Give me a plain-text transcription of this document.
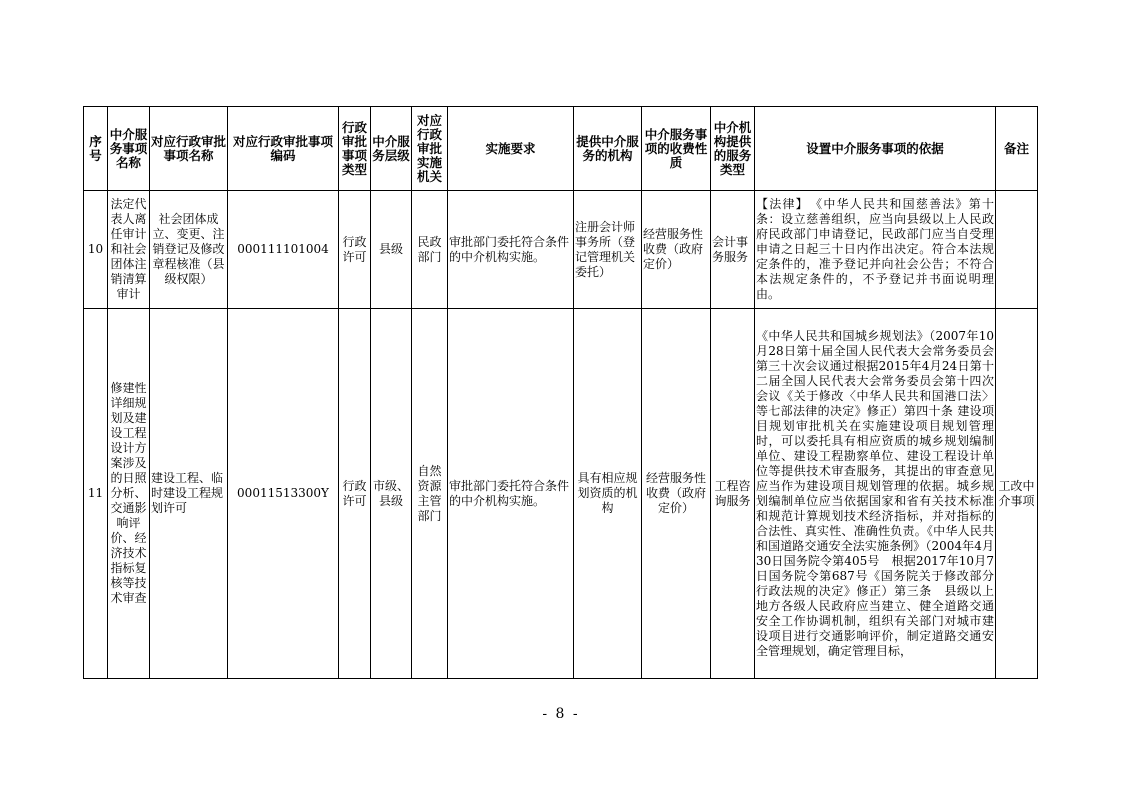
序号	中介服务事项名称	对应行政审批事项名称	对应行政审批事项编码	行政审批事项类型	中介服务层级	对应行政审批实施机关	实施要求	提供中介服务的机构	中介服务事项的收费性质	中介机构提供的服务类型	设置中介服务事项的依据	备注
10	法定代表人离任审计和社会团体注销清算审计	社会团体成立、变更、注销登记及修改章程核准（县级权限）	000111101004	行政许可	县级	民政部门	审批部门委托符合条件的中介机构实施。	注册会计师事务所（登记管理机关委托）	经营服务性收费（政府定价）	会计事务服务	【法律】　《中华人民共和国慈善法》第十条：设立慈善组织，应当向县级以上人民政府民政部门申请登记，民政部门应当自受理申请之日起三十日内作出决定。符合本法规定条件的，准予登记并向社会公告；不符合本法规定条件的，不予登记并书面说明理由。	
11	修建性详细规划及建设工程设计方案涉及的日照分析、交通影响评价、经济技术指标复核等技术审查	建设工程、临时建设工程规划许可	00011513300Y	行政许可	市级、县级	自然资源主管部门	审批部门委托符合条件的中介机构实施。	具有相应规划资质的机构	经营服务性收费（政府定价）	工程咨询服务	《中华人民共和国城乡规划法》（2007年10月28日第十届全国人民代表大会常务委员会第三十次会议通过根据2015年4月24日第十二届全国人民代表大会常务委员会第十四次会议《关于修改〈中华人民共和国港口法〉等七部法律的决定》修正）第四十条 建设项目规划审批机关在实施建设项目规划管理时，可以委托具有相应资质的城乡规划编制单位、建设工程勘察单位、建设工程设计单位等提供技术审查服务，其提出的审查意见应当作为建设项目规划管理的依据。城乡规划编制单位应当依据国家和省有关技术标准和规范计算规划技术经济指标，并对指标的合法性、真实性、准确性负责。《中华人民共和国道路交通安全法实施条例》（2004年4月30日国务院令第405号　根据2017年10月7日国务院令第687号《国务院关于修改部分行政法规的决定》修正）第三条　县级以上地方各级人民政府应当建立、健全道路交通安全工作协调机制，组织有关部门对城市建设项目进行交通影响评价，制定道路交通安全管理规划，确定管理目标，	工改中介事项
- 8 -
